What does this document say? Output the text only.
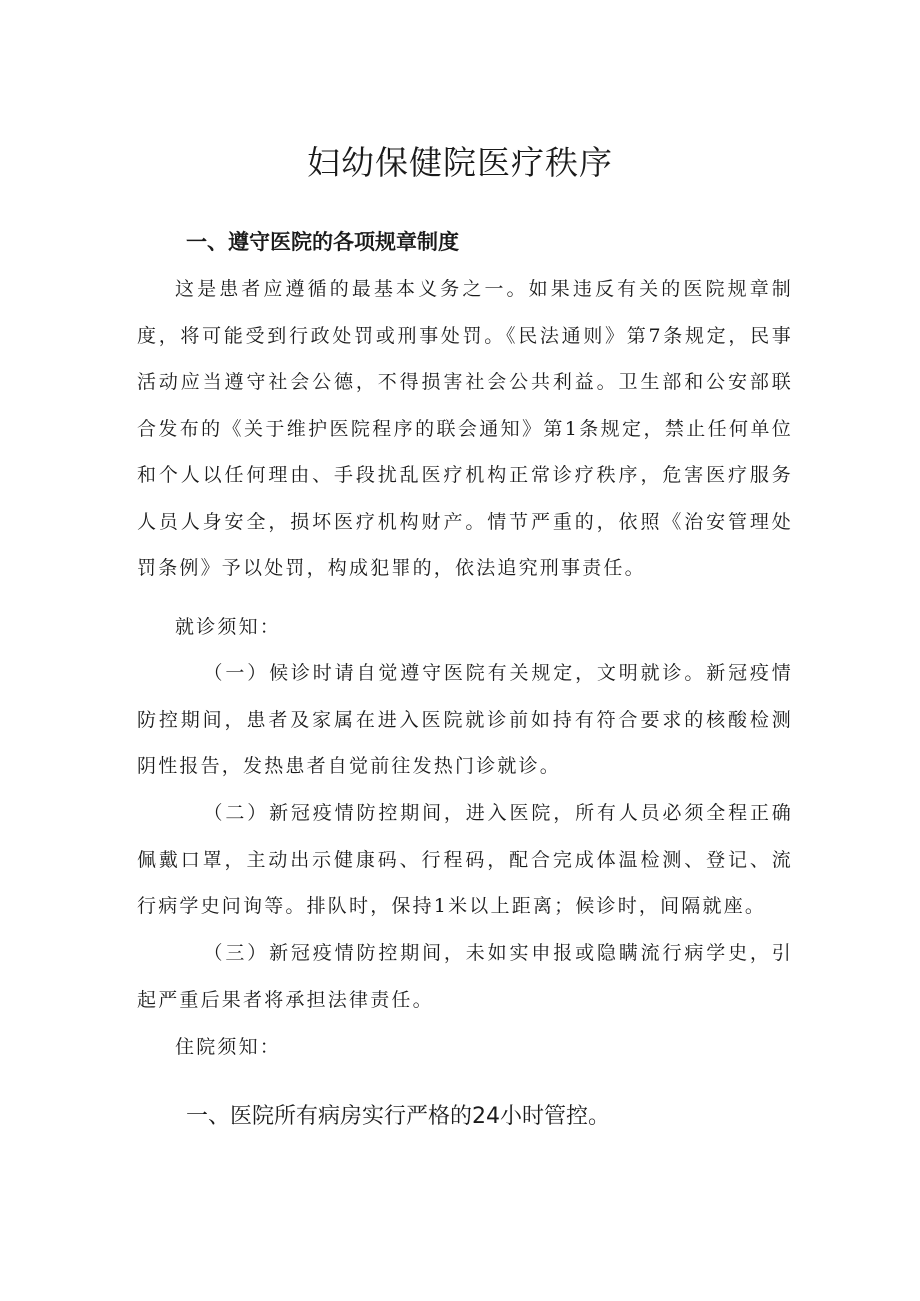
妇幼保健院医疗秩序
一、遵守医院的各项规章制度

这是患者应遵循的最基本义务之一。如果违反有关的医院规章制度，将可能受到行政处罚或刑事处罚。《民法通则》第7条规定，民事活动应当遵守社会公德，不得损害社会公共利益。卫生部和公安部联合发布的《关于维护医院程序的联会通知》第1条规定，禁止任何单位和个人以任何理由、手段扰乱医疗机构正常诊疗秩序，危害医疗服务人员人身安全，损坏医疗机构财产。情节严重的，依照《治安管理处罚条例》予以处罚，构成犯罪的，依法追究刑事责任。

就诊须知：

（一）候诊时请自觉遵守医院有关规定，文明就诊。新冠疫情防控期间，患者及家属在进入医院就诊前如持有符合要求的核酸检测阴性报告，发热患者自觉前往发热门诊就诊。

（二）新冠疫情防控期间，进入医院，所有人员必须全程正确佩戴口罩，主动出示健康码、行程码，配合完成体温检测、登记、流行病学史问询等。排队时，保持1米以上距离；候诊时，间隔就座。

（三）新冠疫情防控期间，未如实申报或隐瞒流行病学史，引起严重后果者将承担法律责任。

住院须知：

一、医院所有病房实行严格的24小时管控。
